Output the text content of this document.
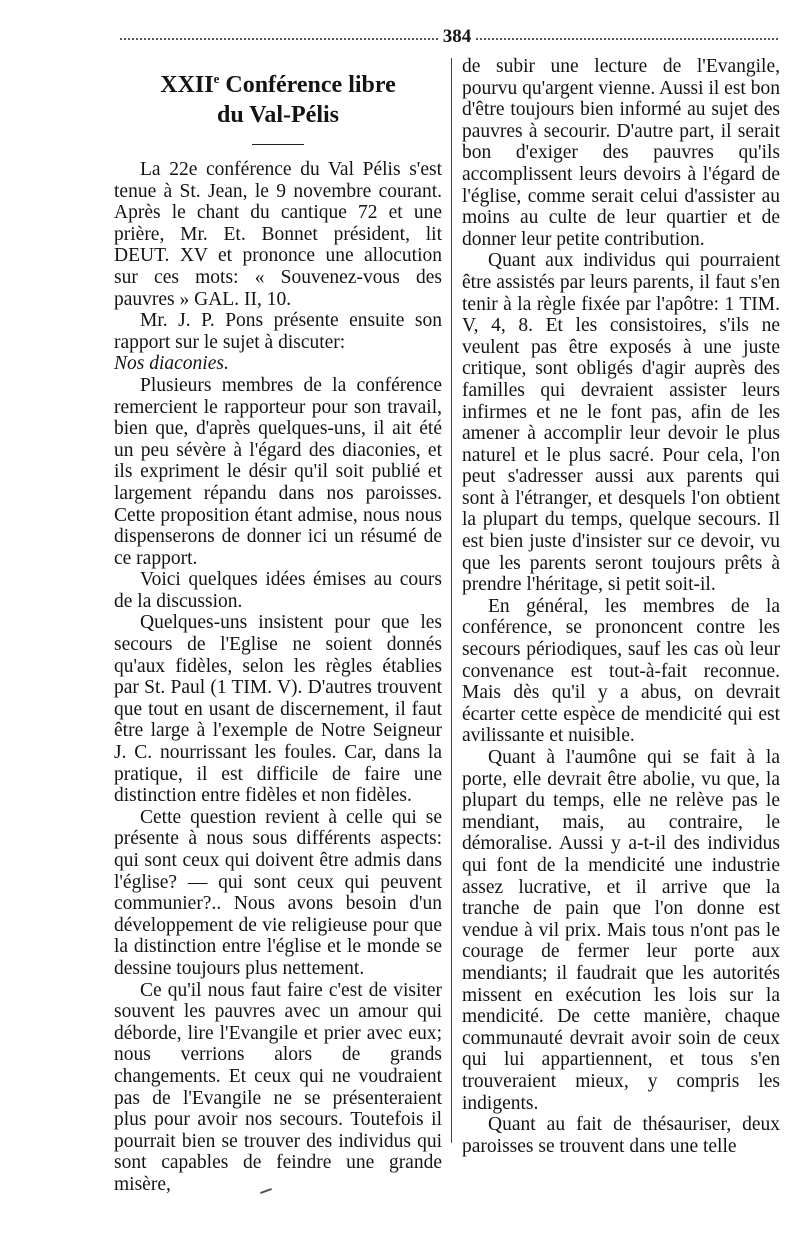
384
XXIIe Conférence libre
du Val-Pélis

La 22e conférence du Val Pélis s'est tenue à St. Jean, le 9 novembre courant. Après le chant du cantique 72 et une prière, Mr. Et. Bonnet président, lit DEUT. XV et prononce une allocution sur ces mots: « Souvenez-vous des pauvres » GAL. II, 10.

Mr. J. P. Pons présente ensuite son rapport sur le sujet à discuter:

Nos diaconies.

Plusieurs membres de la conférence remercient le rapporteur pour son travail, bien que, d'après quelques-uns, il ait été un peu sévère à l'égard des diaconies, et ils expriment le désir qu'il soit publié et largement répandu dans nos paroisses. Cette proposition étant admise, nous nous dispenserons de donner ici un résumé de ce rapport.

Voici quelques idées émises au cours de la discussion.

Quelques-uns insistent pour que les secours de l'Eglise ne soient donnés qu'aux fidèles, selon les règles établies par St. Paul (1 TIM. V). D'autres trouvent que tout en usant de discernement, il faut être large à l'exemple de Notre Seigneur J. C. nourrissant les foules. Car, dans la pratique, il est difficile de faire une distinction entre fidèles et non fidèles.

Cette question revient à celle qui se présente à nous sous différents aspects: qui sont ceux qui doivent être admis dans l'église? — qui sont ceux qui peuvent communier?.. Nous avons besoin d'un développement de vie religieuse pour que la distinction entre l'église et le monde se dessine toujours plus nettement.

Ce qu'il nous faut faire c'est de visiter souvent les pauvres avec un amour qui déborde, lire l'Evangile et prier avec eux; nous verrions alors de grands changements. Et ceux qui ne voudraient pas de l'Evangile ne se présenteraient plus pour avoir nos secours. Toutefois il pourrait bien se trouver des individus qui sont capables de feindre une grande misère,

de subir une lecture de l'Evangile, pourvu qu'argent vienne. Aussi il est bon d'être toujours bien informé au sujet des pauvres à secourir. D'autre part, il serait bon d'exiger des pauvres qu'ils accomplissent leurs devoirs à l'égard de l'église, comme serait celui d'assister au moins au culte de leur quartier et de donner leur petite contribution.

Quant aux individus qui pourraient être assistés par leurs parents, il faut s'en tenir à la règle fixée par l'apôtre: 1 TIM. V, 4, 8. Et les consistoires, s'ils ne veulent pas être exposés à une juste critique, sont obligés d'agir auprès des familles qui devraient assister leurs infirmes et ne le font pas, afin de les amener à accomplir leur devoir le plus naturel et le plus sacré. Pour cela, l'on peut s'adresser aussi aux parents qui sont à l'étranger, et desquels l'on obtient la plupart du temps, quelque secours. Il est bien juste d'insister sur ce devoir, vu que les parents seront toujours prêts à prendre l'héritage, si petit soit-il.

En général, les membres de la conférence, se prononcent contre les secours périodiques, sauf les cas où leur convenance est tout-à-fait reconnue. Mais dès qu'il y a abus, on devrait écarter cette espèce de mendicité qui est avilissante et nuisible.

Quant à l'aumône qui se fait à la porte, elle devrait être abolie, vu que, la plupart du temps, elle ne relève pas le mendiant, mais, au contraire, le démoralise. Aussi y a-t-il des individus qui font de la mendicité une industrie assez lucrative, et il arrive que la tranche de pain que l'on donne est vendue à vil prix. Mais tous n'ont pas le courage de fermer leur porte aux mendiants; il faudrait que les autorités missent en exécution les lois sur la mendicité. De cette manière, chaque communauté devrait avoir soin de ceux qui lui appartiennent, et tous s'en trouveraient mieux, y compris les indigents.

Quant au fait de thésauriser, deux paroisses se trouvent dans une telle
